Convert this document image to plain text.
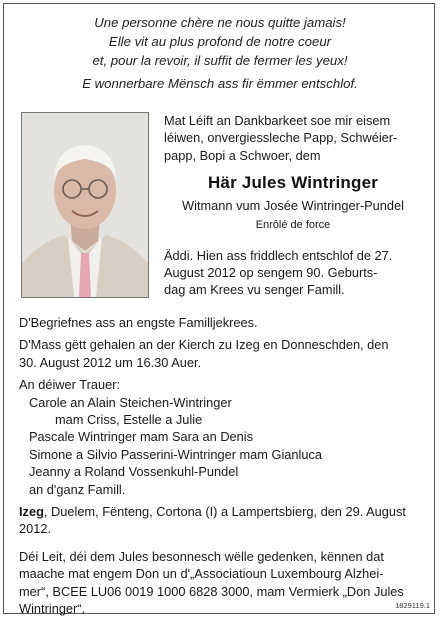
Une personne chère ne nous quitte jamais!
Elle vit au plus profond de notre coeur
et, pour la revoir, il suffit de fermer les yeux!
E wonnerbare Mënsch ass fir ëmmer entschlof.
Mat Léift an Dankbarkeet soe mir eisem
léiwen, onvergiessleche Papp, Schwéier-
papp, Bopi a Schwoer, dem
Här Jules Wintringer
Witmann vum Josée Wintringer-Pundel
Enrôlé de force
Äddi. Hien ass friddlech entschlof de 27.
August 2012 op sengem 90. Geburts-
dag am Krees vu senger Famill.
D'Begriefnes ass an engste Familljekrees.
D'Mass gëtt gehalen an der Kierch zu Izeg en Donneschden, den
30. August 2012 um 16.30 Auer.
An déiwer Trauer:
Carole an Alain Steichen-Wintringer
mam Criss, Estelle a Julie
Pascale Wintringer mam Sara an Denis
Simone a Silvio Passerini-Wintringer mam Gianluca
Jeanny a Roland Vossenkuhl-Pundel
an d'ganz Famill.
Izeg, Duelem, Fënteng, Cortona (I) a Lampertsbierg, den 29. August
2012.
Déi Leit, déi dem Jules besonnesch wëlle gedenken, kënnen dat
maache mat engem Don un d'„Associatioun Luxembourg Alzhei-
mer“, BCEE LU06 0019 1000 6828 3000, mam Vermierk „Don Jules
Wintringer“.	1829119.1
